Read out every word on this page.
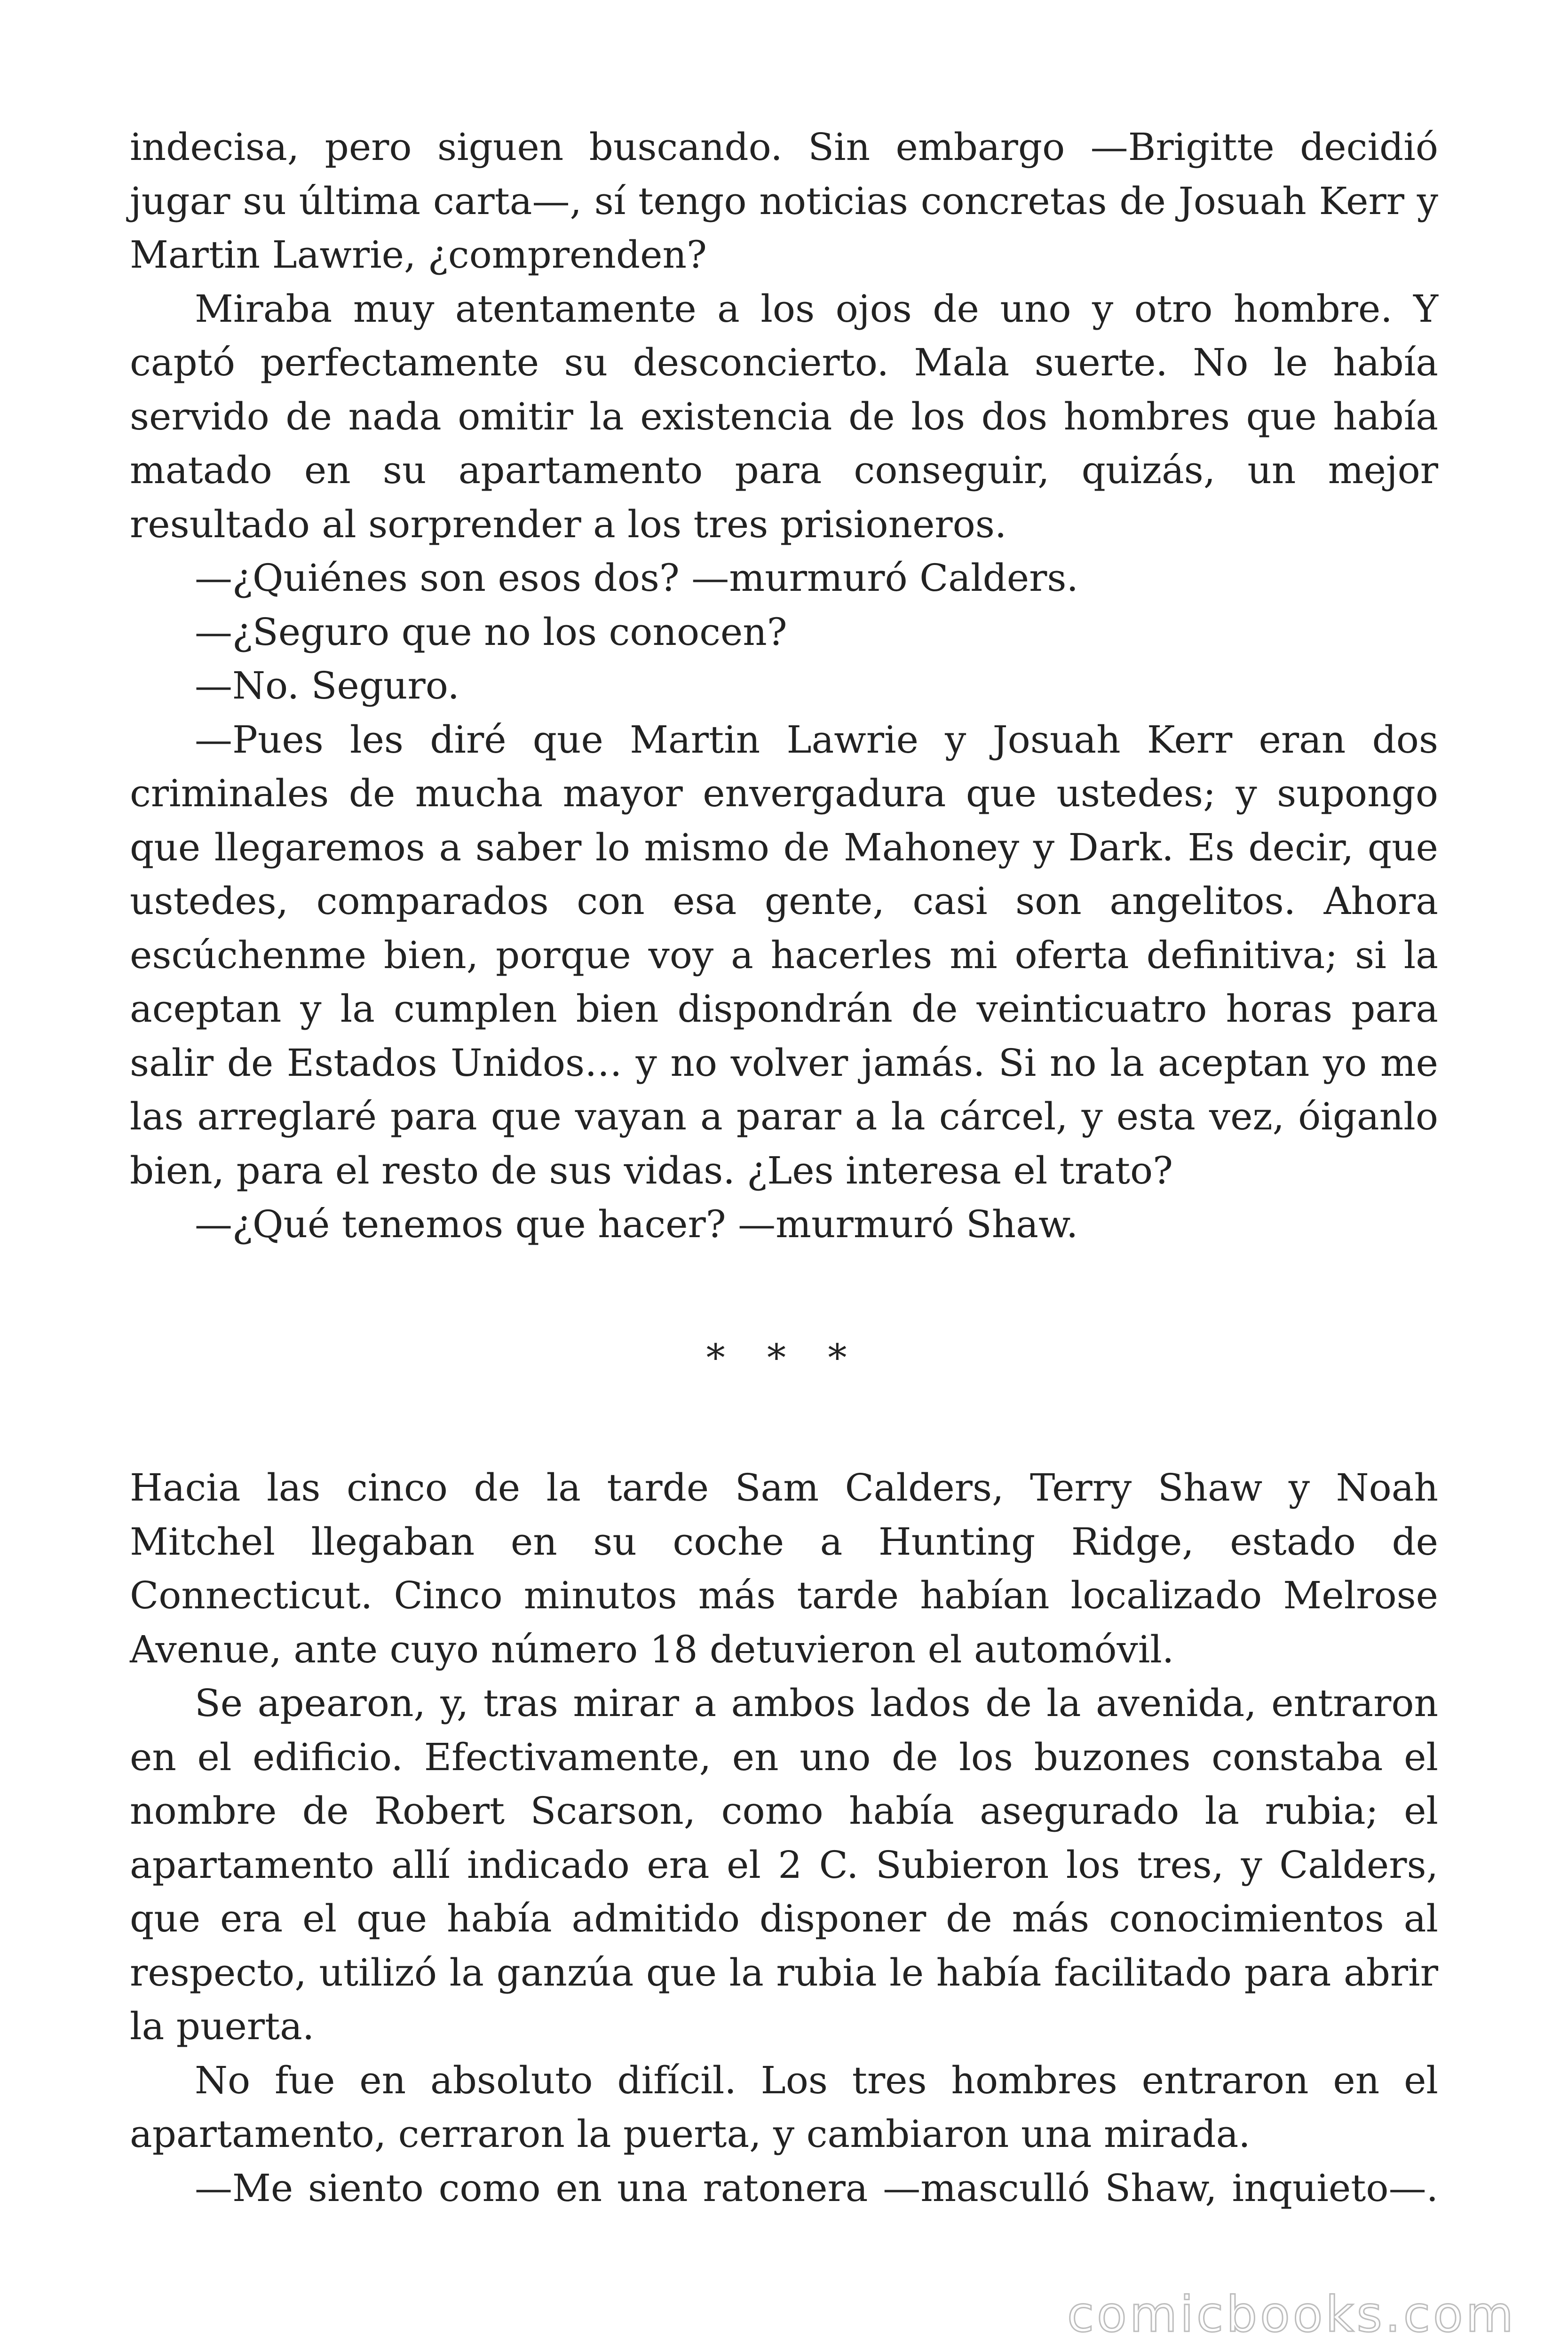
indecisa, pero siguen buscando. Sin embargo —Brigitte decidió jugar su última carta—, sí tengo noticias concretas de Josuah Kerr y Martin Lawrie, ¿comprenden?

Miraba muy atentamente a los ojos de uno y otro hombre. Y captó perfectamente su desconcierto. Mala suerte. No le había servido de nada omitir la existencia de los dos hombres que había matado en su apartamento para conseguir, quizás, un mejor resultado al sorprender a los tres prisioneros.

—¿Quiénes son esos dos? —murmuró Calders.

—¿Seguro que no los conocen?

—No. Seguro.

—Pues les diré que Martin Lawrie y Josuah Kerr eran dos criminales de mucha mayor envergadura que ustedes; y supongo que llegaremos a saber lo mismo de Mahoney y Dark. Es decir, que ustedes, comparados con esa gente, casi son angelitos. Ahora escúchenme bien, porque voy a hacerles mi oferta definitiva; si la aceptan y la cumplen bien dispondrán de veinticuatro horas para salir de Estados Unidos… y no volver jamás. Si no la aceptan yo me las arreglaré para que vayan a parar a la cárcel, y esta vez, óiganlo bien, para el resto de sus vidas. ¿Les interesa el trato?

—¿Qué tenemos que hacer? —murmuró Shaw.

* * *

Hacia las cinco de la tarde Sam Calders, Terry Shaw y Noah Mitchel llegaban en su coche a Hunting Ridge, estado de Connecticut. Cinco minutos más tarde habían localizado Melrose Avenue, ante cuyo número 18 detuvieron el automóvil.

Se apearon, y, tras mirar a ambos lados de la avenida, entraron en el edificio. Efectivamente, en uno de los buzones constaba el nombre de Robert Scarson, como había asegurado la rubia; el apartamento allí indicado era el 2 C. Subieron los tres, y Calders, que era el que había admitido disponer de más conocimientos al respecto, utilizó la ganzúa que la rubia le había facilitado para abrir la puerta.

No fue en absoluto difícil. Los tres hombres entraron en el apartamento, cerraron la puerta, y cambiaron una mirada.

—Me siento como en una ratonera —masculló Shaw, inquieto—.

comicbooks.com
